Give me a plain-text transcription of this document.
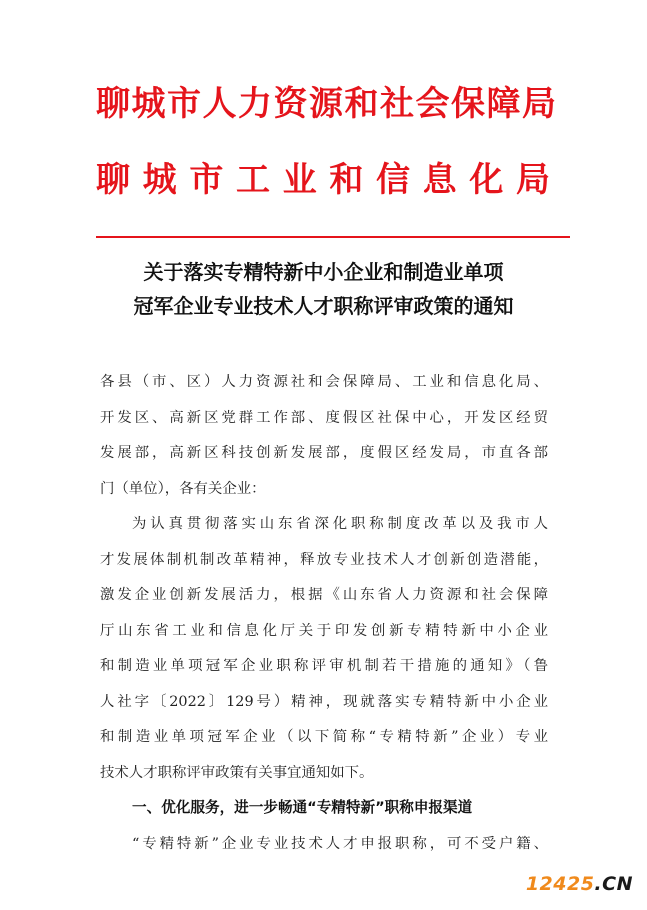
聊城市人力资源和社会保障局
聊城市工业和信息化局
关于落实专精特新中小企业和制造业单项
冠军企业专业技术人才职称评审政策的通知
各县（市、区）人力资源社和会保障局、工业和信息化局、
开发区、高新区党群工作部、度假区社保中心，开发区经贸
发展部，高新区科技创新发展部，度假区经发局，市直各部
门（单位），各有关企业：
为认真贯彻落实山东省深化职称制度改革以及我市人
才发展体制机制改革精神，释放专业技术人才创新创造潜能，
激发企业创新发展活力，根据《山东省人力资源和社会保障
厅山东省工业和信息化厅关于印发创新专精特新中小企业
和制造业单项冠军企业职称评审机制若干措施的通知》（鲁
人社字〔2022〕129号）精神，现就落实专精特新中小企业
和制造业单项冠军企业（以下简称“专精特新”企业）专业
技术人才职称评审政策有关事宜通知如下。
一、优化服务，进一步畅通“专精特新”职称申报渠道
“专精特新”企业专业技术人才申报职称，可不受户籍、
12425.CN
